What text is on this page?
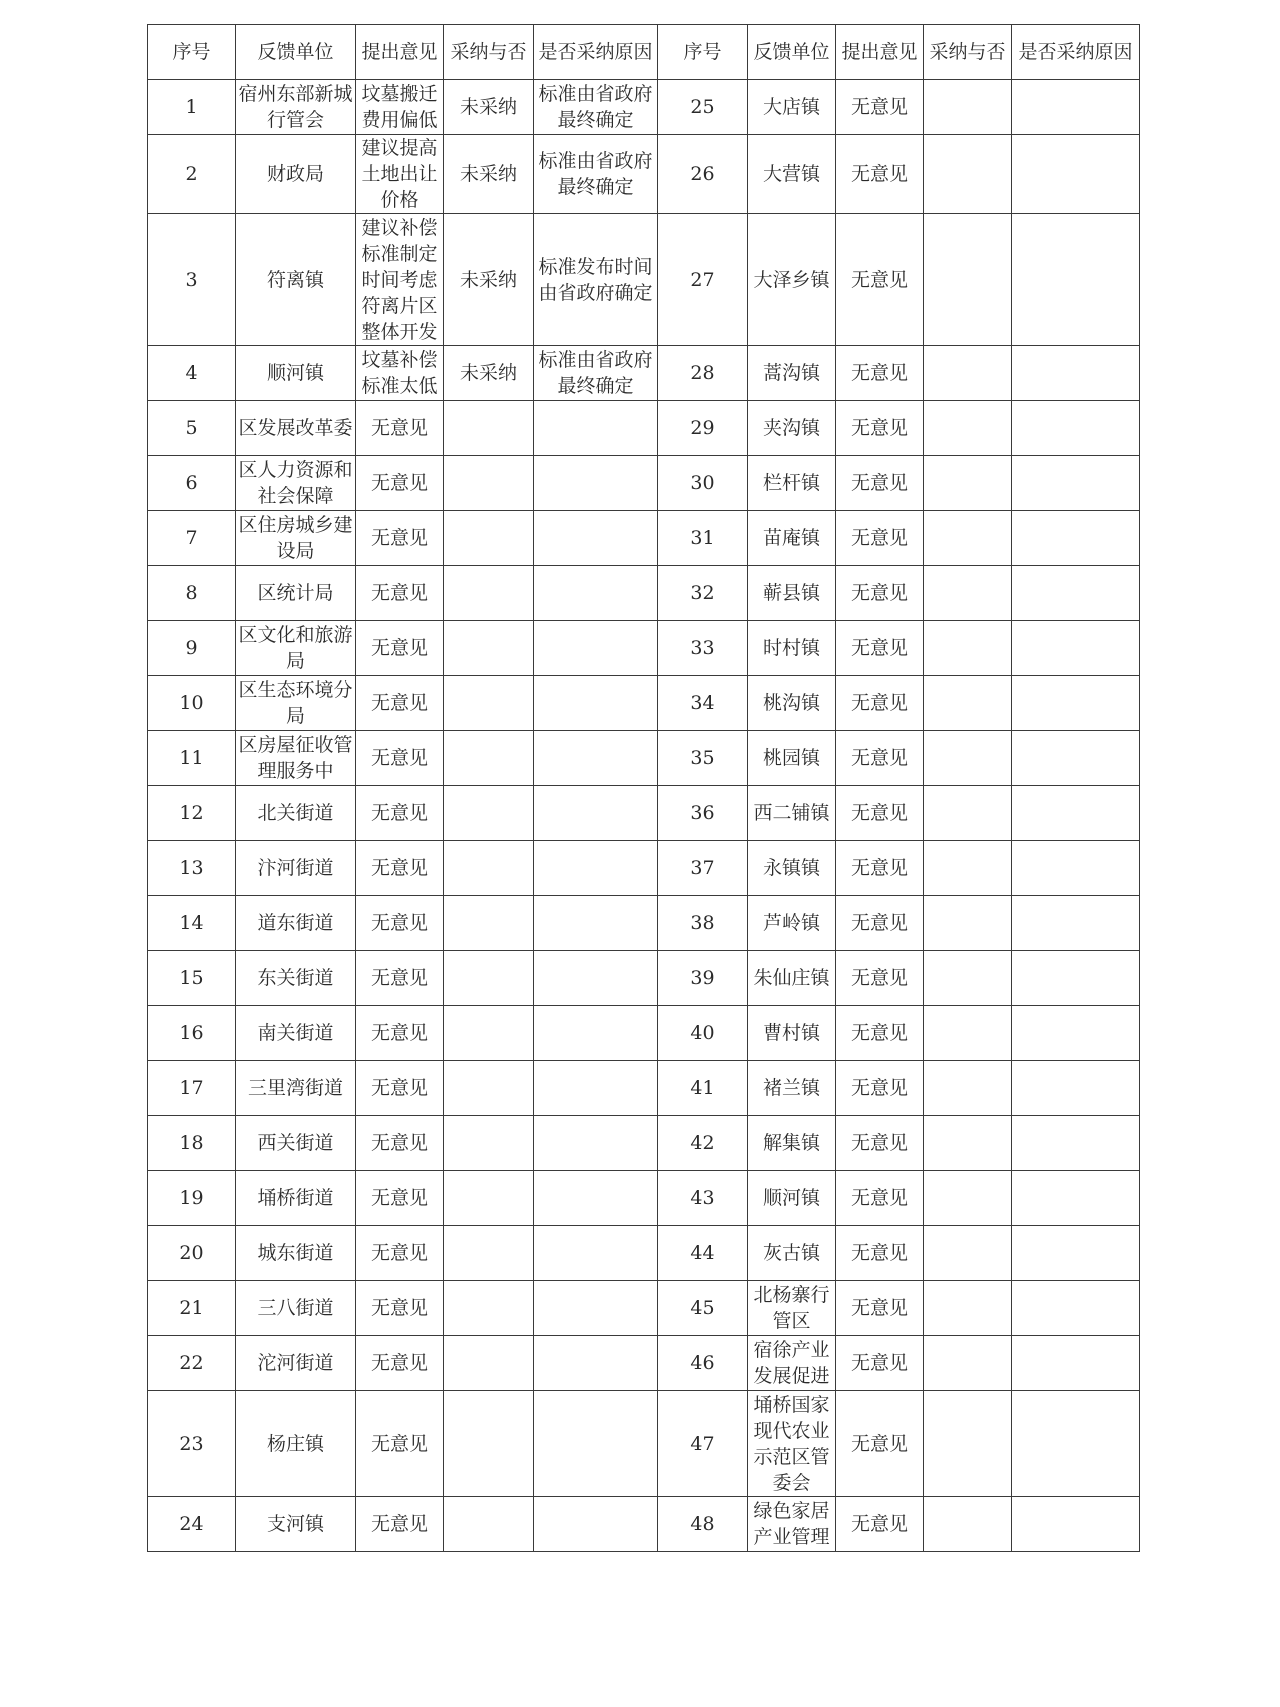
序号	反馈单位	提出意见	采纳与否	是否采纳原因	序号	反馈单位	提出意见	采纳与否	是否采纳原因
1	宿州东部新城行管会	坟墓搬迁费用偏低	未采纳	标准由省政府最终确定	25	大店镇	无意见		
2	财政局	建议提高土地出让价格	未采纳	标准由省政府最终确定	26	大营镇	无意见		
3	符离镇	建议补偿标准制定时间考虑符离片区整体开发	未采纳	标准发布时间由省政府确定	27	大泽乡镇	无意见		
4	顺河镇	坟墓补偿标准太低	未采纳	标准由省政府最终确定	28	蒿沟镇	无意见		
5	区发展改革委	无意见			29	夹沟镇	无意见		
6	区人力资源和社会保障	无意见			30	栏杆镇	无意见		
7	区住房城乡建设局	无意见			31	苗庵镇	无意见		
8	区统计局	无意见			32	蕲县镇	无意见		
9	区文化和旅游局	无意见			33	时村镇	无意见		
10	区生态环境分局	无意见			34	桃沟镇	无意见		
11	区房屋征收管理服务中	无意见			35	桃园镇	无意见		
12	北关街道	无意见			36	西二铺镇	无意见		
13	汴河街道	无意见			37	永镇镇	无意见		
14	道东街道	无意见			38	芦岭镇	无意见		
15	东关街道	无意见			39	朱仙庄镇	无意见		
16	南关街道	无意见			40	曹村镇	无意见		
17	三里湾街道	无意见			41	褚兰镇	无意见		
18	西关街道	无意见			42	解集镇	无意见		
19	埇桥街道	无意见			43	顺河镇	无意见		
20	城东街道	无意见			44	灰古镇	无意见		
21	三八街道	无意见			45	北杨寨行管区	无意见		
22	沱河街道	无意见			46	宿徐产业发展促进	无意见		
23	杨庄镇	无意见			47	埇桥国家现代农业示范区管委会	无意见		
24	支河镇	无意见			48	绿色家居产业管理	无意见		
